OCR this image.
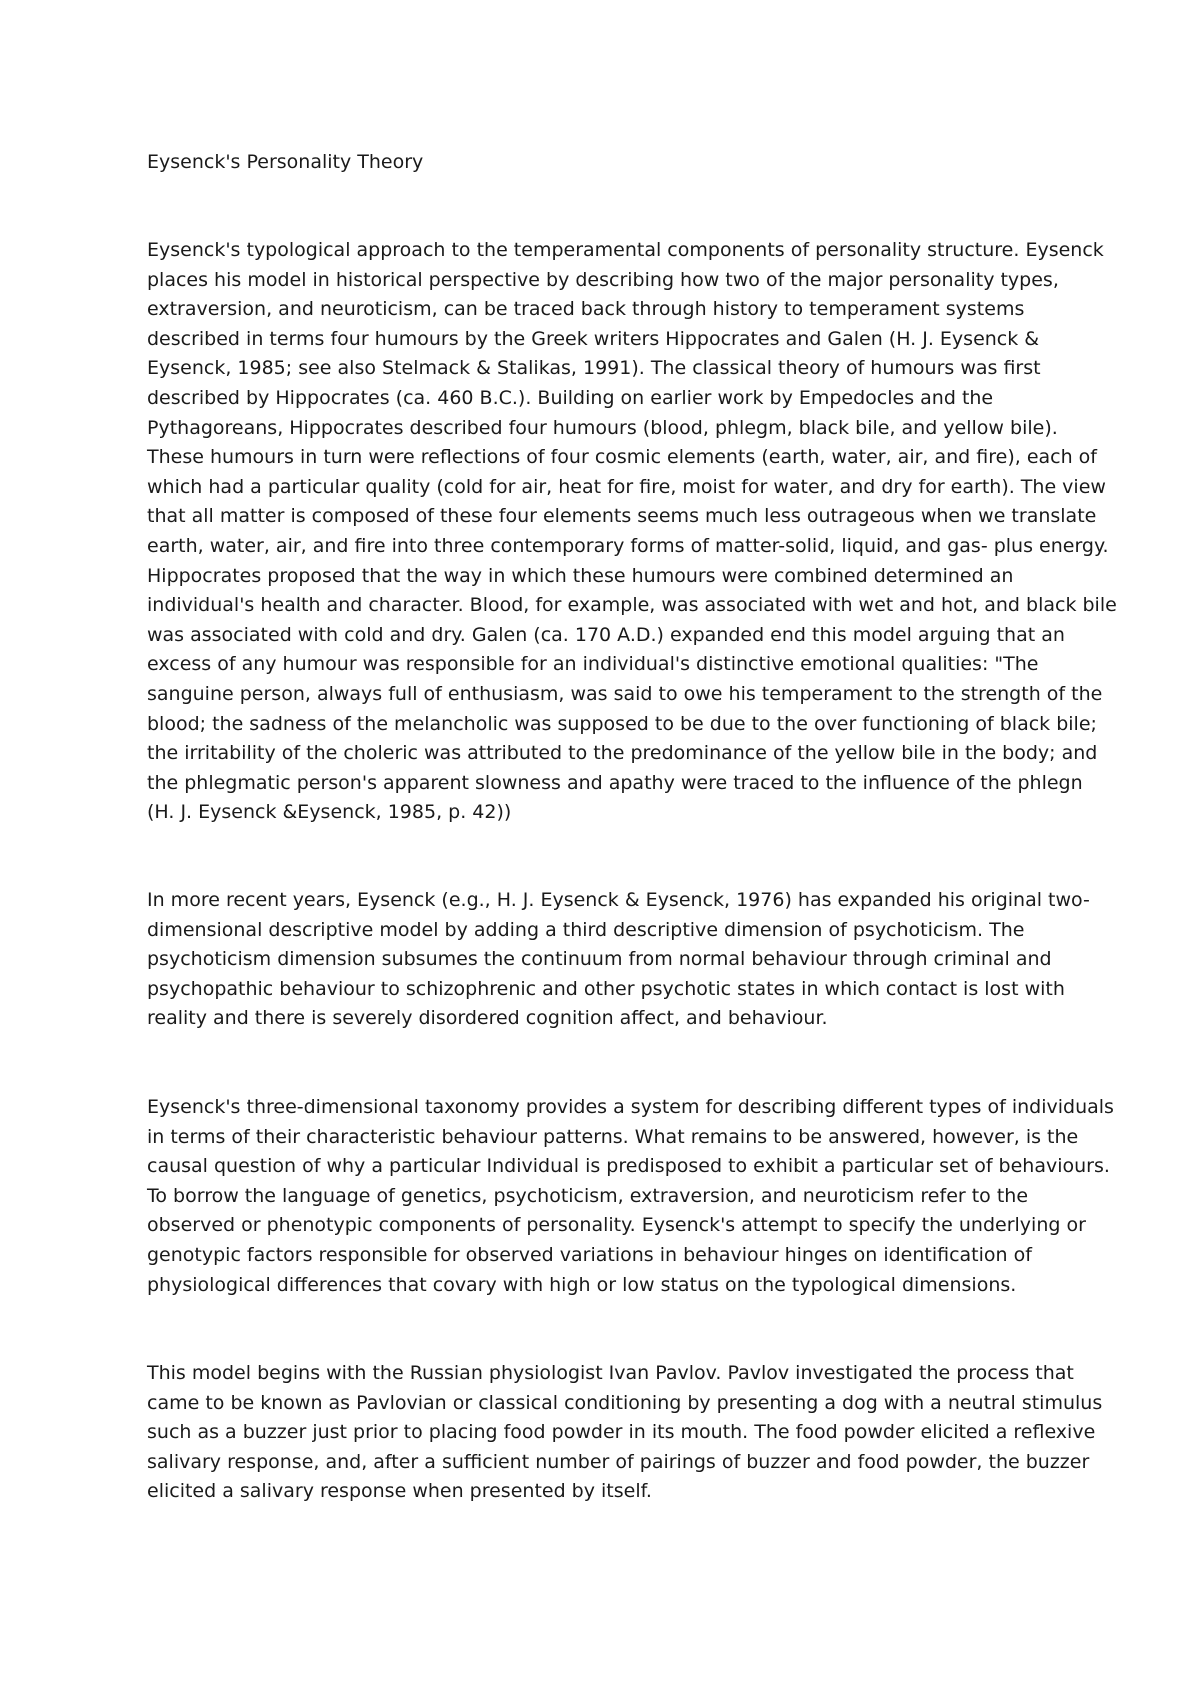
Eysenck's Personality Theory

Eysenck's typological approach to the temperamental components of personality structure. Eysenck
places his model in historical perspective by describing how two of the major personality types,
extraversion, and neuroticism, can be traced back through history to temperament systems
described in terms four humours by the Greek writers Hippocrates and Galen (H. J. Eysenck &
Eysenck, 1985; see also Stelmack & Stalikas, 1991). The classical theory of humours was first
described by Hippocrates (ca. 460 B.C.). Building on earlier work by Empedocles and the
Pythagoreans, Hippocrates described four humours (blood, phlegm, black bile, and yellow bile).
These humours in turn were reflections of four cosmic elements (earth, water, air, and fire), each of
which had a particular quality (cold for air, heat for fire, moist for water, and dry for earth). The view
that all matter is composed of these four elements seems much less outrageous when we translate
earth, water, air, and fire into three contemporary forms of matter-solid, liquid, and gas- plus energy.
Hippocrates proposed that the way in which these humours were combined determined an
individual's health and character. Blood, for example, was associated with wet and hot, and black bile
was associated with cold and dry. Galen (ca. 170 A.D.) expanded end this model arguing that an
excess of any humour was responsible for an individual's distinctive emotional qualities: "The
sanguine person, always full of enthusiasm, was said to owe his temperament to the strength of the
blood; the sadness of the melancholic was supposed to be due to the over functioning of black bile;
the irritability of the choleric was attributed to the predominance of the yellow bile in the body; and
the phlegmatic person's apparent slowness and apathy were traced to the influence of the phlegn
(H. J. Eysenck &Eysenck, 1985, p. 42))

In more recent years, Eysenck (e.g., H. J. Eysenck & Eysenck, 1976) has expanded his original two-
dimensional descriptive model by adding a third descriptive dimension of psychoticism. The
psychoticism dimension subsumes the continuum from normal behaviour through criminal and
psychopathic behaviour to schizophrenic and other psychotic states in which contact is lost with
reality and there is severely disordered cognition affect, and behaviour.

Eysenck's three-dimensional taxonomy provides a system for describing different types of individuals
in terms of their characteristic behaviour patterns. What remains to be answered, however, is the
causal question of why a particular Individual is predisposed to exhibit a particular set of behaviours.
To borrow the language of genetics, psychoticism, extraversion, and neuroticism refer to the
observed or phenotypic components of personality. Eysenck's attempt to specify the underlying or
genotypic factors responsible for observed variations in behaviour hinges on identification of
physiological differences that covary with high or low status on the typological dimensions.

This model begins with the Russian physiologist Ivan Pavlov. Pavlov investigated the process that
came to be known as Pavlovian or classical conditioning by presenting a dog with a neutral stimulus
such as a buzzer just prior to placing food powder in its mouth. The food powder elicited a reflexive
salivary response, and, after a sufficient number of pairings of buzzer and food powder, the buzzer
elicited a salivary response when presented by itself.
